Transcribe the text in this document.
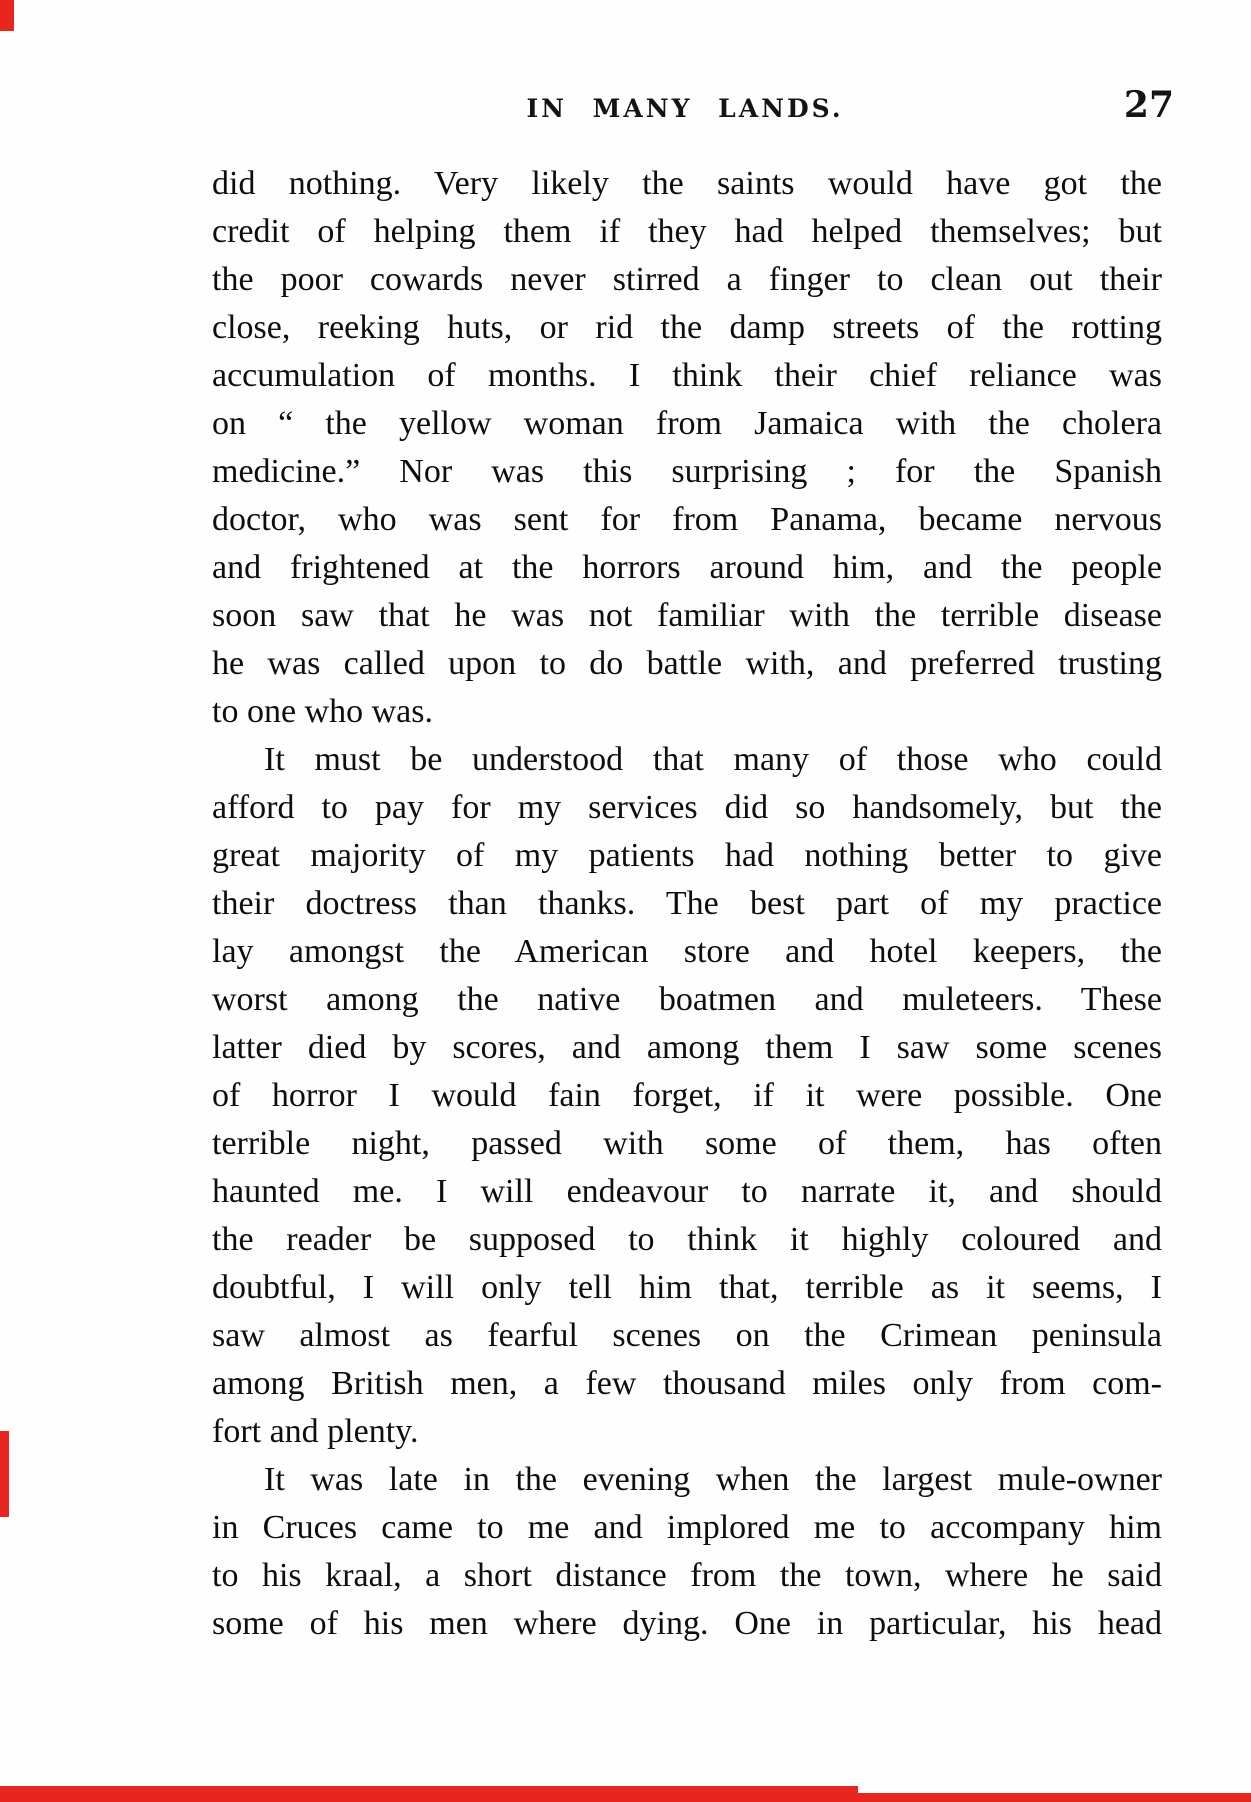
IN MANY LANDS.	27
did nothing. Very likely the saints would have got the
credit of helping them if they had helped themselves; but
the poor cowards never stirred a finger to clean out their
close, reeking huts, or rid the damp streets of the rotting
accumulation of months. I think their chief reliance was
on “ the yellow woman from Jamaica with the cholera
medicine.” Nor was this surprising ; for the Spanish
doctor, who was sent for from Panama, became nervous
and frightened at the horrors around him, and the people
soon saw that he was not familiar with the terrible disease
he was called upon to do battle with, and preferred trusting
to one who was.
It must be understood that many of those who could
afford to pay for my services did so handsomely, but the
great majority of my patients had nothing better to give
their doctress than thanks. The best part of my practice
lay amongst the American store and hotel keepers, the
worst among the native boatmen and muleteers. These
latter died by scores, and among them I saw some scenes
of horror I would fain forget, if it were possible. One
terrible night, passed with some of them, has often
haunted me. I will endeavour to narrate it, and should
the reader be supposed to think it highly coloured and
doubtful, I will only tell him that, terrible as it seems, I
saw almost as fearful scenes on the Crimean peninsula
among British men, a few thousand miles only from com-
fort and plenty.
It was late in the evening when the largest mule-owner
in Cruces came to me and implored me to accompany him
to his kraal, a short distance from the town, where he said
some of his men where dying. One in particular, his head
